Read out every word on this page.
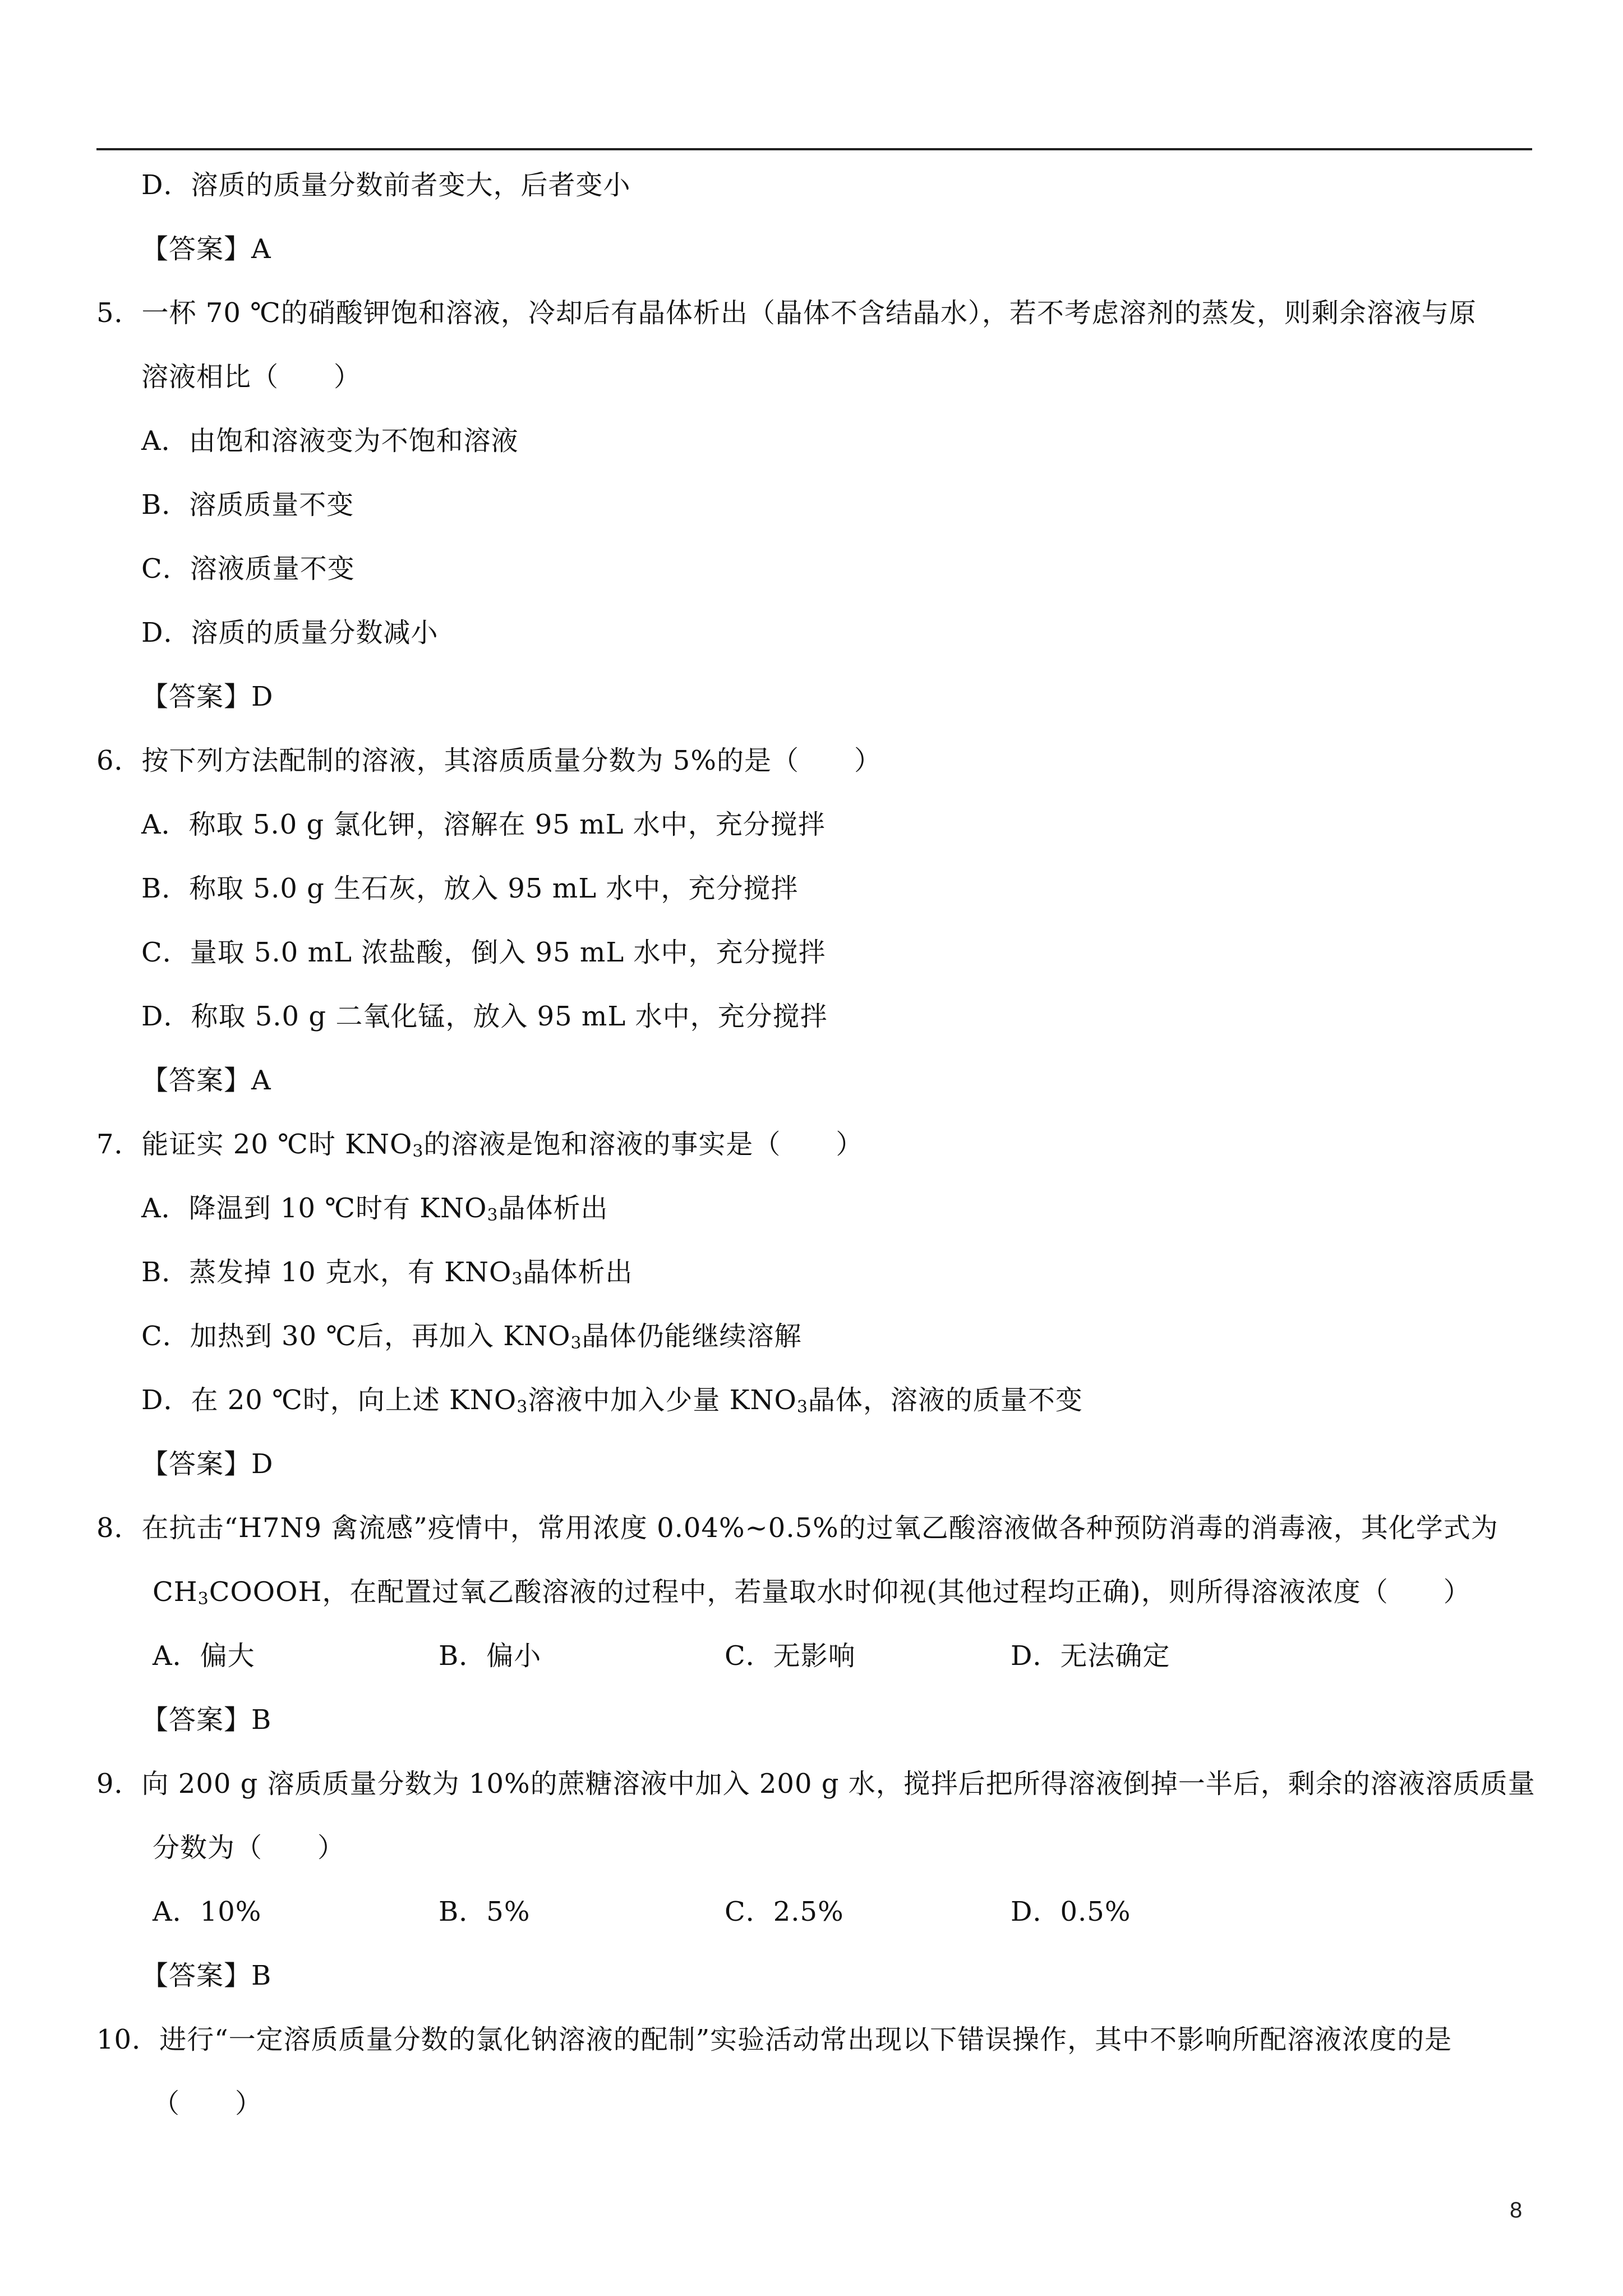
D．溶质的质量分数前者变大，后者变小
【答案】A
5．一杯 70 ℃的硝酸钾饱和溶液，冷却后有晶体析出（晶体不含结晶水），若不考虑溶剂的蒸发，则剩余溶液与原
溶液相比（　　）
A．由饱和溶液变为不饱和溶液
B．溶质质量不变
C．溶液质量不变
D．溶质的质量分数减小
【答案】D
6．按下列方法配制的溶液，其溶质质量分数为 5%的是（　　）
A．称取 5.0 g 氯化钾，溶解在 95 mL 水中，充分搅拌
B．称取 5.0 g 生石灰，放入 95 mL 水中，充分搅拌
C．量取 5.0 mL 浓盐酸，倒入 95 mL 水中，充分搅拌
D．称取 5.0 g 二氧化锰，放入 95 mL 水中，充分搅拌
【答案】A
7．能证实 20 ℃时 $KNO_3$的溶液是饱和溶液的事实是（　　）
A．降温到 10 ℃时有 $KNO_3$晶体析出
B．蒸发掉 10 克水，有 $KNO_3$晶体析出
C．加热到 30 ℃后，再加入 $KNO_3$晶体仍能继续溶解
D．在 20 ℃时，向上述 $KNO_3$溶液中加入少量 $KNO_3$晶体，溶液的质量不变
【答案】D
8．在抗击“H7N9 禽流感”疫情中，常用浓度 0.04%~0.5%的过氧乙酸溶液做各种预防消毒的消毒液，其化学式为
$CH_3COOOH$，在配置过氧乙酸溶液的过程中，若量取水时仰视(其他过程均正确)，则所得溶液浓度（　　）
A．偏大	B．偏小	C．无影响	D．无法确定
【答案】B
9．向 200 g 溶质质量分数为 10%的蔗糖溶液中加入 200 g 水，搅拌后把所得溶液倒掉一半后，剩余的溶液溶质质量
分数为（　　）
A．10%	B．5%	C．2.5%	D．0.5%
【答案】B
10．进行“一定溶质质量分数的氯化钠溶液的配制”实验活动常出现以下错误操作，其中不影响所配溶液浓度的是
（　　）
8
